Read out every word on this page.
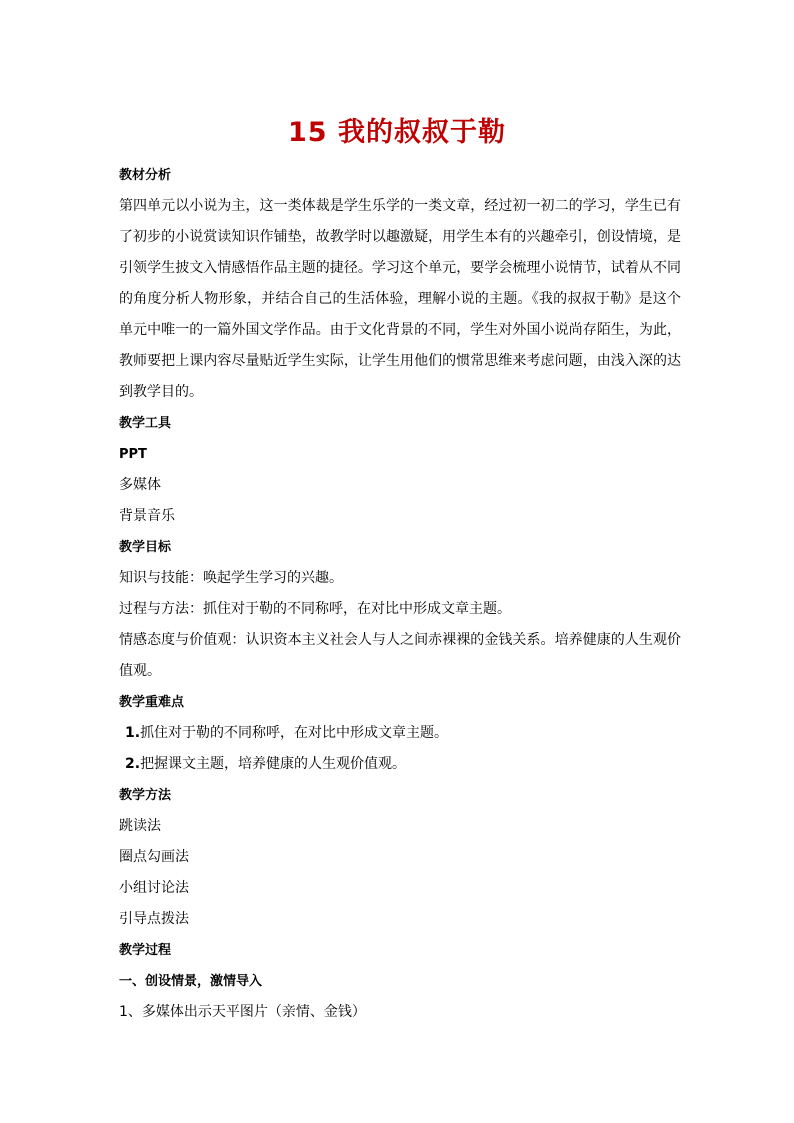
15 我的叔叔于勒
教材分析

第四单元以小说为主，这一类体裁是学生乐学的一类文章，经过初一初二的学习，学生已有了初步的小说赏读知识作铺垫，故教学时以趣激疑，用学生本有的兴趣牵引，创设情境，是引领学生披文入情感悟作品主题的捷径。学习这个单元，要学会梳理小说情节，试着从不同的角度分析人物形象，并结合自己的生活体验，理解小说的主题。《我的叔叔于勒》是这个单元中唯一的一篇外国文学作品。由于文化背景的不同，学生对外国小说尚存陌生，为此，教师要把上课内容尽量贴近学生实际，让学生用他们的惯常思维来考虑问题，由浅入深的达到教学目的。

教学工具
PPT
多媒体
背景音乐
教学目标
知识与技能：唤起学生学习的兴趣。
过程与方法：抓住对于勒的不同称呼，在对比中形成文章主题。

情感态度与价值观：认识资本主义社会人与人之间赤裸裸的金钱关系。培养健康的人生观价值观。

教学重难点
1.抓住对于勒的不同称呼，在对比中形成文章主题。
2.把握课文主题，培养健康的人生观价值观。
教学方法
跳读法
圈点勾画法
小组讨论法
引导点拨法
教学过程
一、创设情景，激情导入
1、多媒体出示天平图片（亲情、金钱）
